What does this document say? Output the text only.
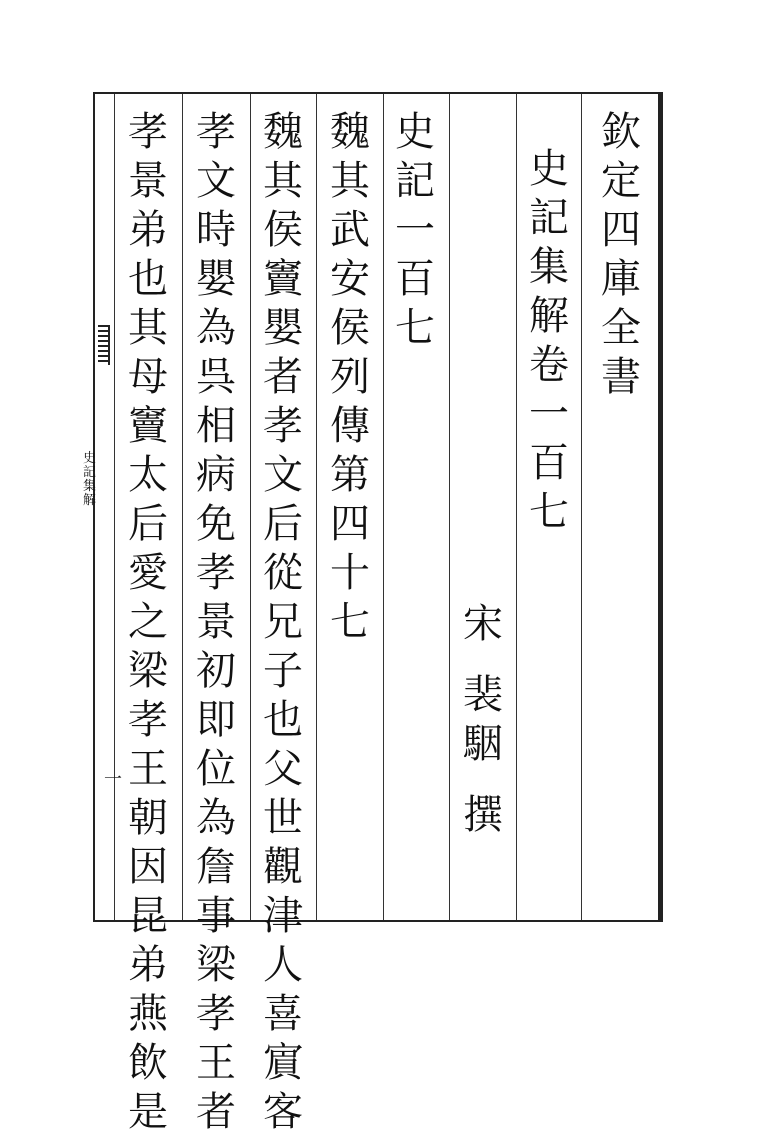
史
記
集
解
一
欽
定
四
庫
全
書
史
記
集
解
卷
一
百
七
宋
裴
駰
撰
史
記
一
百
七
魏
其
武
安
侯
列
傳
第
四
十
七
魏
其
侯
竇
嬰
者
孝
文
后
從
兄
子
也
父
世
觀
津
人
喜
賔
客
孝
文
時
嬰
為
呉
相
病
免
孝
景
初
即
位
為
詹
事
梁
孝
王
者
孝
景
弟
也
其
母
竇
太
后
愛
之
梁
孝
王
朝
因
昆
弟
燕
飲
是
